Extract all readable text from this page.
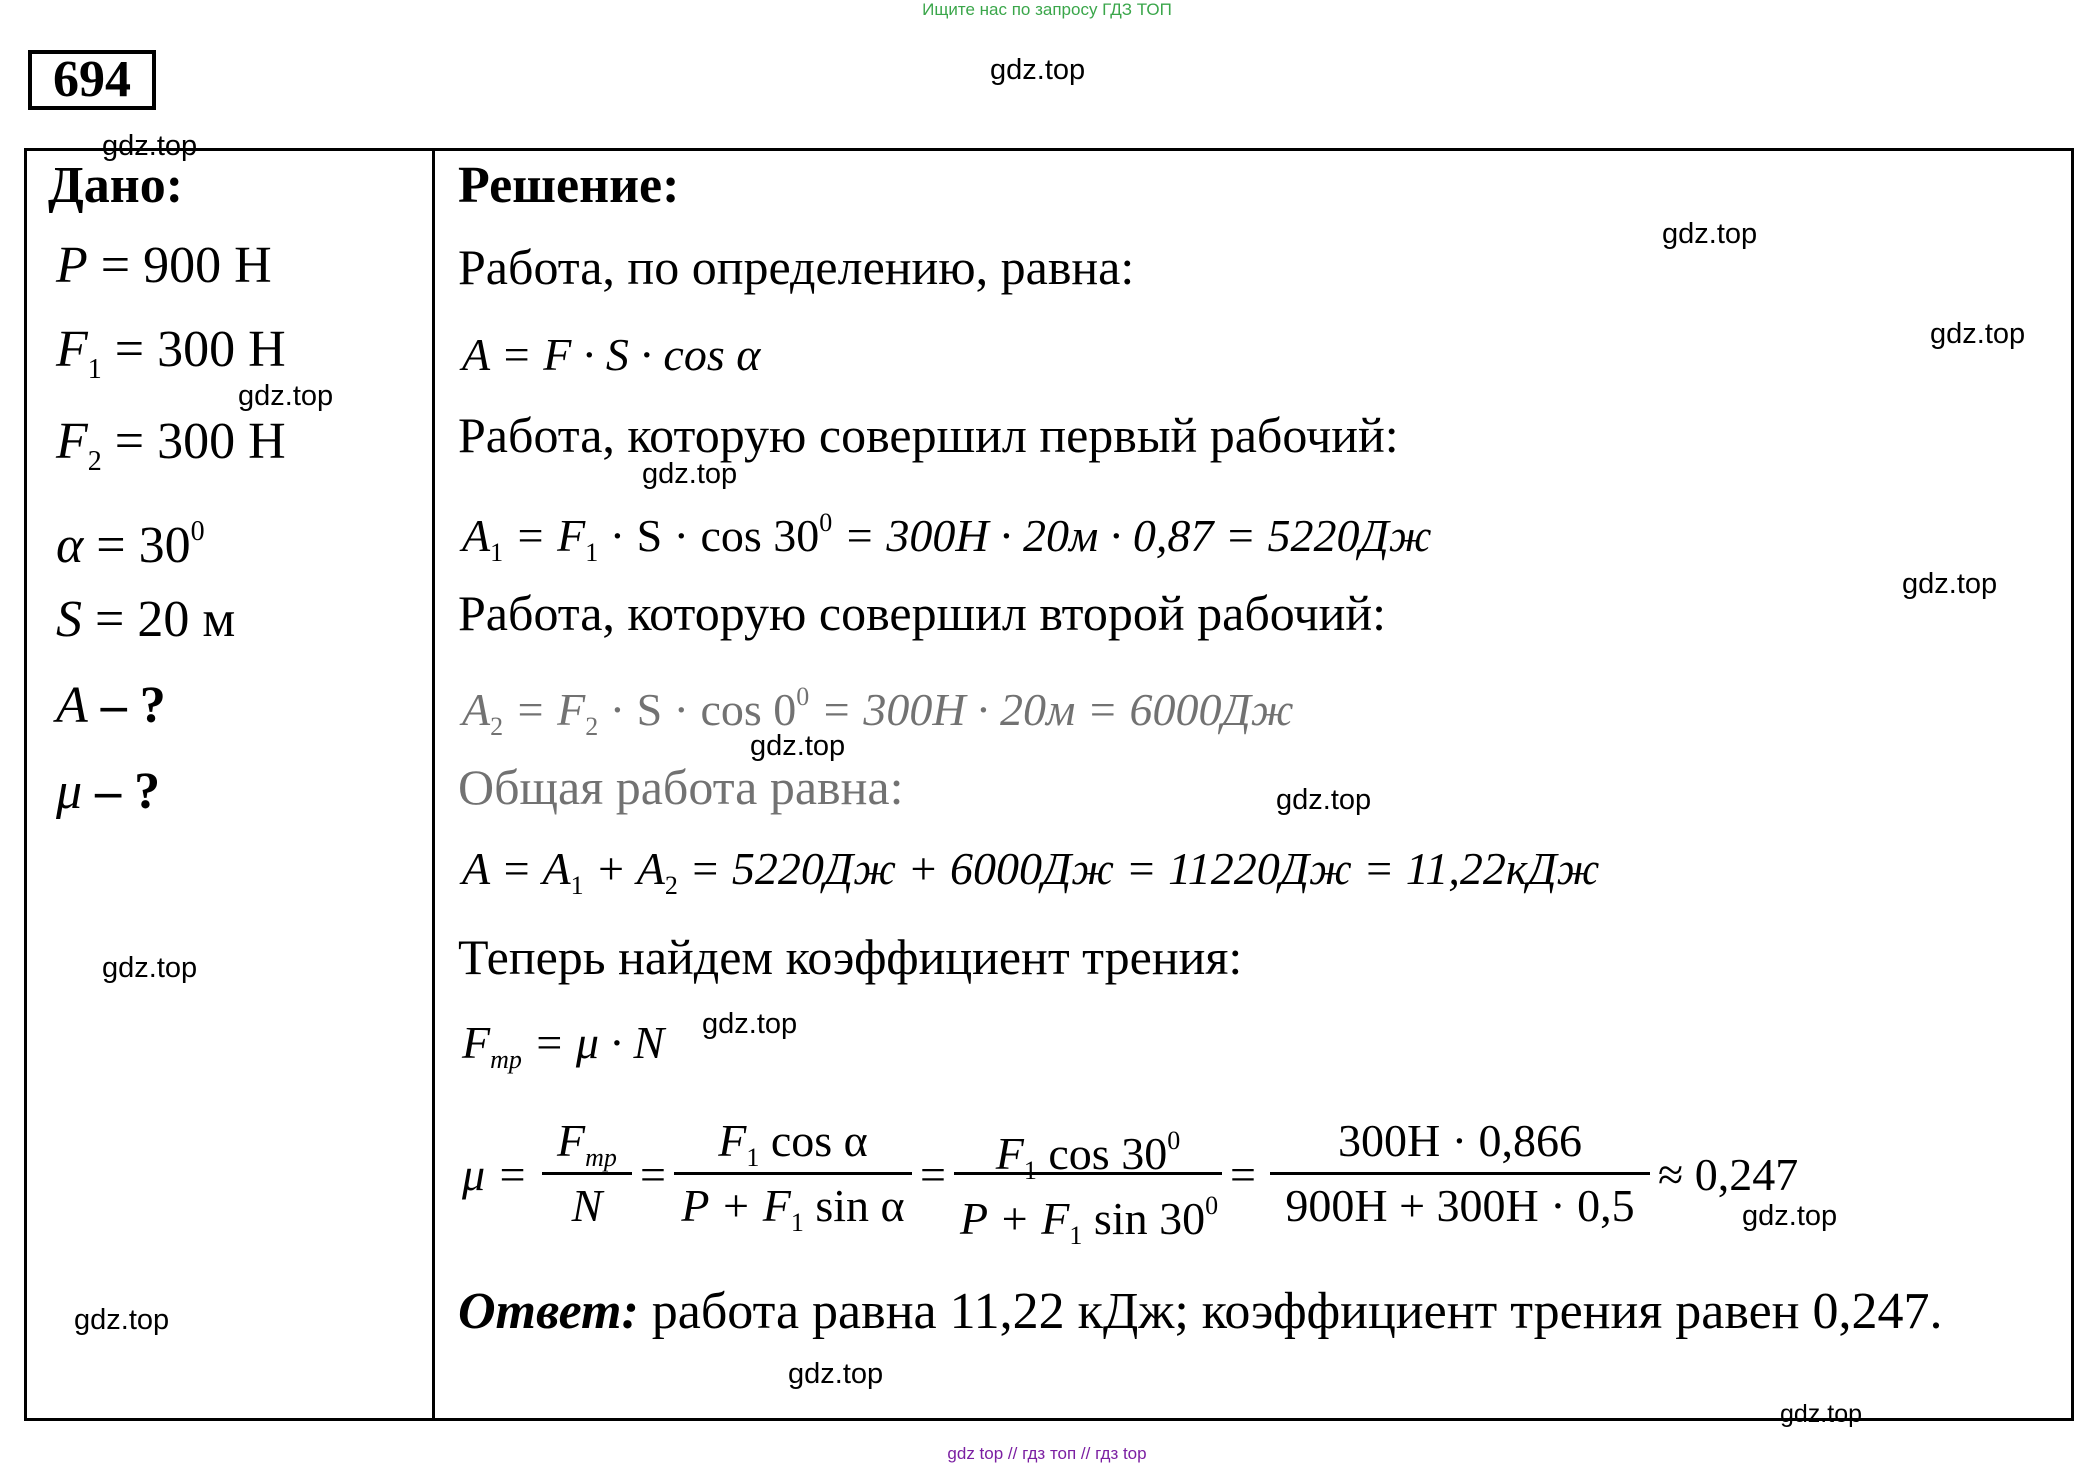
Ищите нас по запросу ГДЗ ТОП
694
Дано:
P = 900 Н
$F_1 = 300$ Н
$F_2 = 300$ Н
$\alpha = 30^0$
S = 20 м
A – ?
μ – ?
Решение:
Работа, по определению, равна:
A = F · S · cos α
Работа, которую совершил первый рабочий:
$A_1 = F_1 \cdot S \cdot \cos 30^0 = 300H \cdot 20м \cdot 0,87 = 5220Дж$
Работа, которую совершил второй рабочий:
$A_2 = F_2 \cdot S \cdot \cos 0^0 = 300H \cdot 20м = 6000Дж$
Общая работа равна:
$A = A_1 + A_2 = 5220Дж + 6000Дж = 11220Дж = 11,22кДж$
Теперь найдем коэффициент трения:
$F_{тр} = \mu \cdot N$
μ =
$F_{тр}$
N
= $\frac{F_1 \cos \alpha}{P + F_1 \sin \alpha} = \frac{F_1 \cos 30^0}{P + F_1 \sin 30^0} = \frac{300H \cdot 0,866}{900H + 300H \cdot 0,5} \approx 0,247$
Ответ: работа равна 11,22 кДж; коэффициент трения равен 0,247.
gdz.top
gdz.top
gdz.top
gdz.top
gdz.top
gdz.top
gdz.top
gdz.top
gdz.top
gdz.top
gdz.top
gdz.top
gdz.top
gdz.top
gdz.top
gdz top // гдз топ // гдз top
